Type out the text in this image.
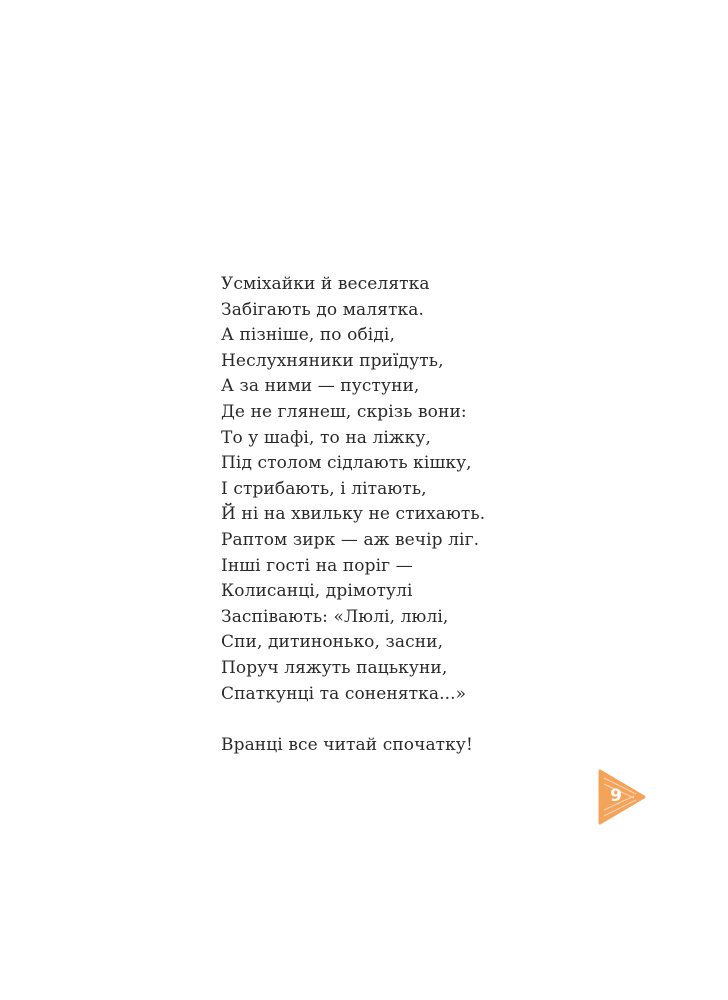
Усміхайки й веселятка
Забігають до малятка.
А пізніше, по обіді,
Неслухняники приїдуть,
А за ними — пустуни,
Де не глянеш, скрізь вони:
То у шафі, то на ліжку,
Під столом сідлають кішку,
І стрибають, і літають,
Й ні на хвильку не стихають.
Раптом зирк — аж вечір ліг.
Інші гості на поріг —
Колисанці, дрімотулі
Заспівають: «Люлі, люлі,
Спи, дитинонько, засни,
Поруч ляжуть пацькуни,
Спаткунці та соненятка...»
Вранці все читай спочатку!
9
